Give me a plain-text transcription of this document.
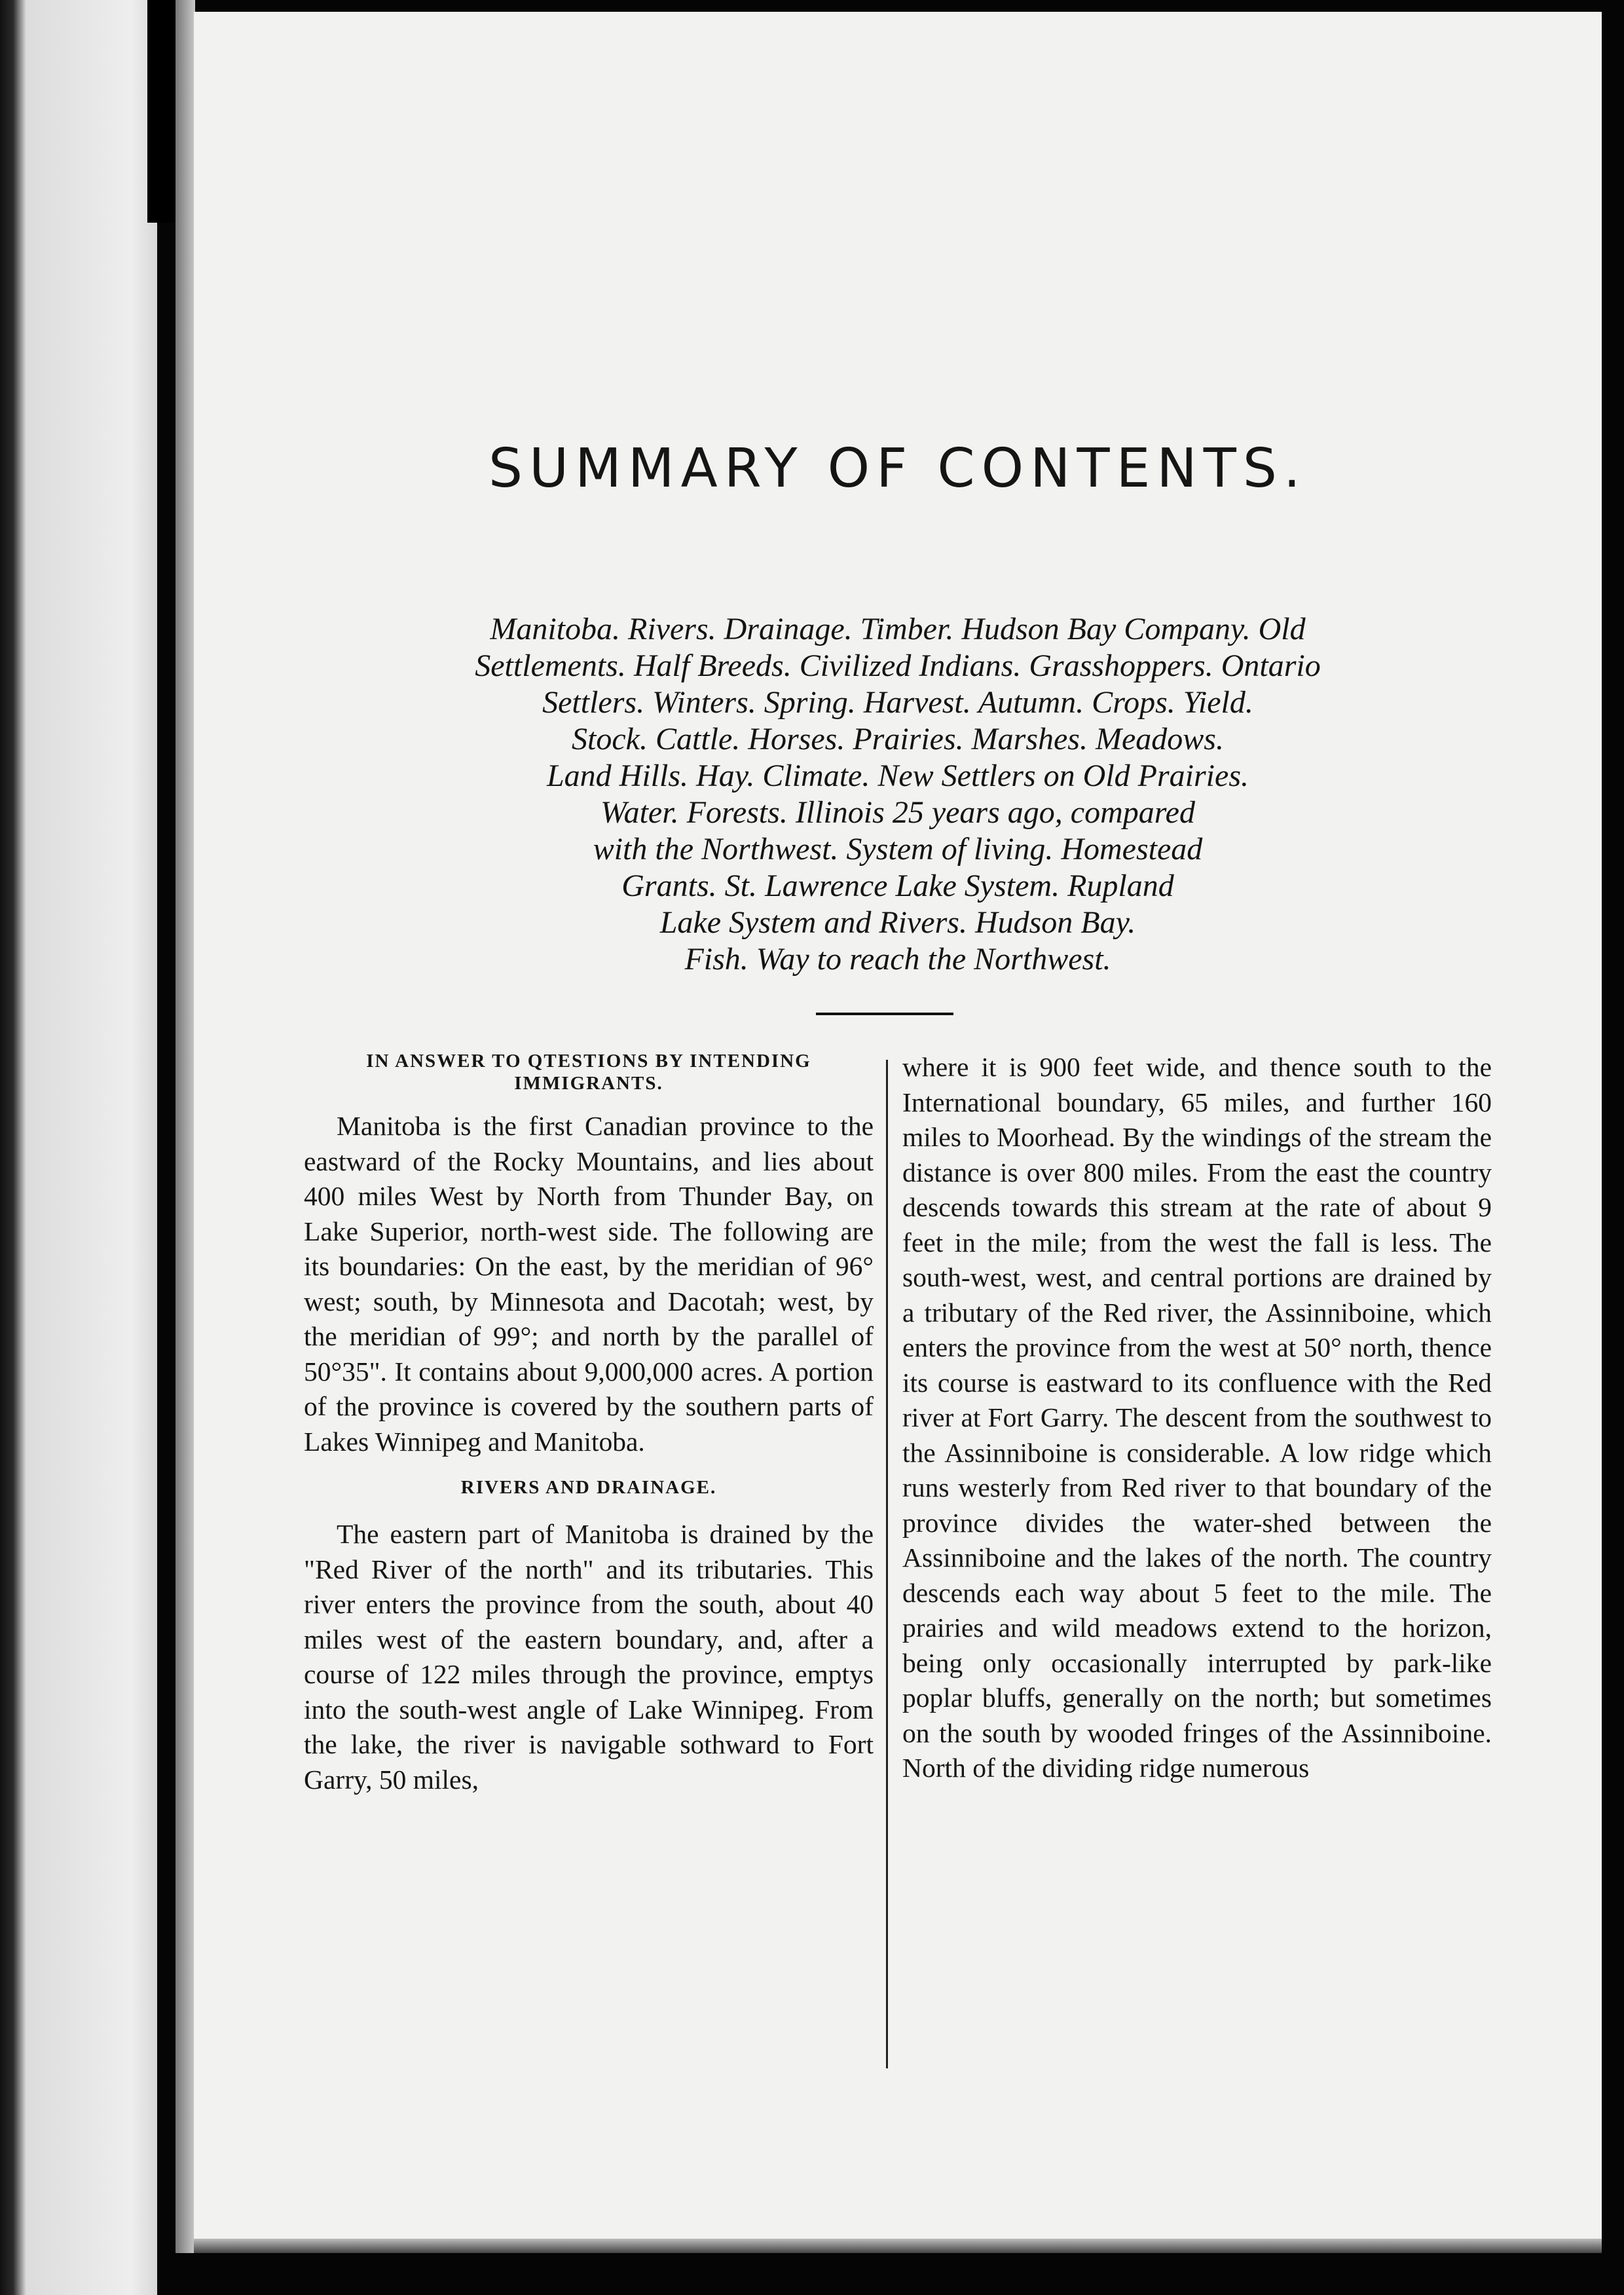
SUMMARY OF CONTENTS.
Manitoba. Rivers. Drainage. Timber. Hudson Bay Company. Old
Settlements. Half Breeds. Civilized Indians. Grasshoppers. Ontario
Settlers. Winters. Spring. Harvest. Autumn. Crops. Yield.
Stock. Cattle. Horses. Prairies. Marshes. Meadows.
Land Hills. Hay. Climate. New Settlers on Old Prairies.
Water. Forests. Illinois 25 years ago, compared
with the Northwest. System of living. Homestead
Grants. St. Lawrence Lake System. Rupland
Lake System and Rivers. Hudson Bay.
Fish. Way to reach the Northwest.

IN ANSWER TO QTESTIONS BY INTENDING IMMIGRANTS.

Manitoba is the first Canadian province to the eastward of the Rocky Mountains, and lies about 400 miles West by North from Thunder Bay, on Lake Superior, north-west side. The following are its boundaries: On the east, by the meridian of 96° west; south, by Minnesota and Dacotah; west, by the meridian of 99°; and north by the parallel of 50°35". It contains about 9,000,000 acres. A portion of the province is covered by the southern parts of Lakes Winnipeg and Manitoba.

RIVERS AND DRAINAGE.

The eastern part of Manitoba is drained by the "Red River of the north" and its tributaries. This river enters the province from the south, about 40 miles west of the eastern boundary, and, after a course of 122 miles through the province, emptys into the south-west angle of Lake Winnipeg. From the lake, the river is navigable sothward to Fort Garry, 50 miles,

where it is 900 feet wide, and thence south to the International boundary, 65 miles, and further 160 miles to Moorhead. By the windings of the stream the distance is over 800 miles. From the east the country descends towards this stream at the rate of about 9 feet in the mile; from the west the fall is less. The south-west, west, and central portions are drained by a tributary of the Red river, the Assinniboine, which enters the province from the west at 50° north, thence its course is eastward to its confluence with the Red river at Fort Garry. The descent from the southwest to the Assinniboine is considerable. A low ridge which runs westerly from Red river to that boundary of the province divides the water-shed between the Assinniboine and the lakes of the north. The country descends each way about 5 feet to the mile. The prairies and wild meadows extend to the horizon, being only occasionally interrupted by park-like poplar bluffs, generally on the north; but sometimes on the south by wooded fringes of the Assinniboine. North of the dividing ridge numerous
